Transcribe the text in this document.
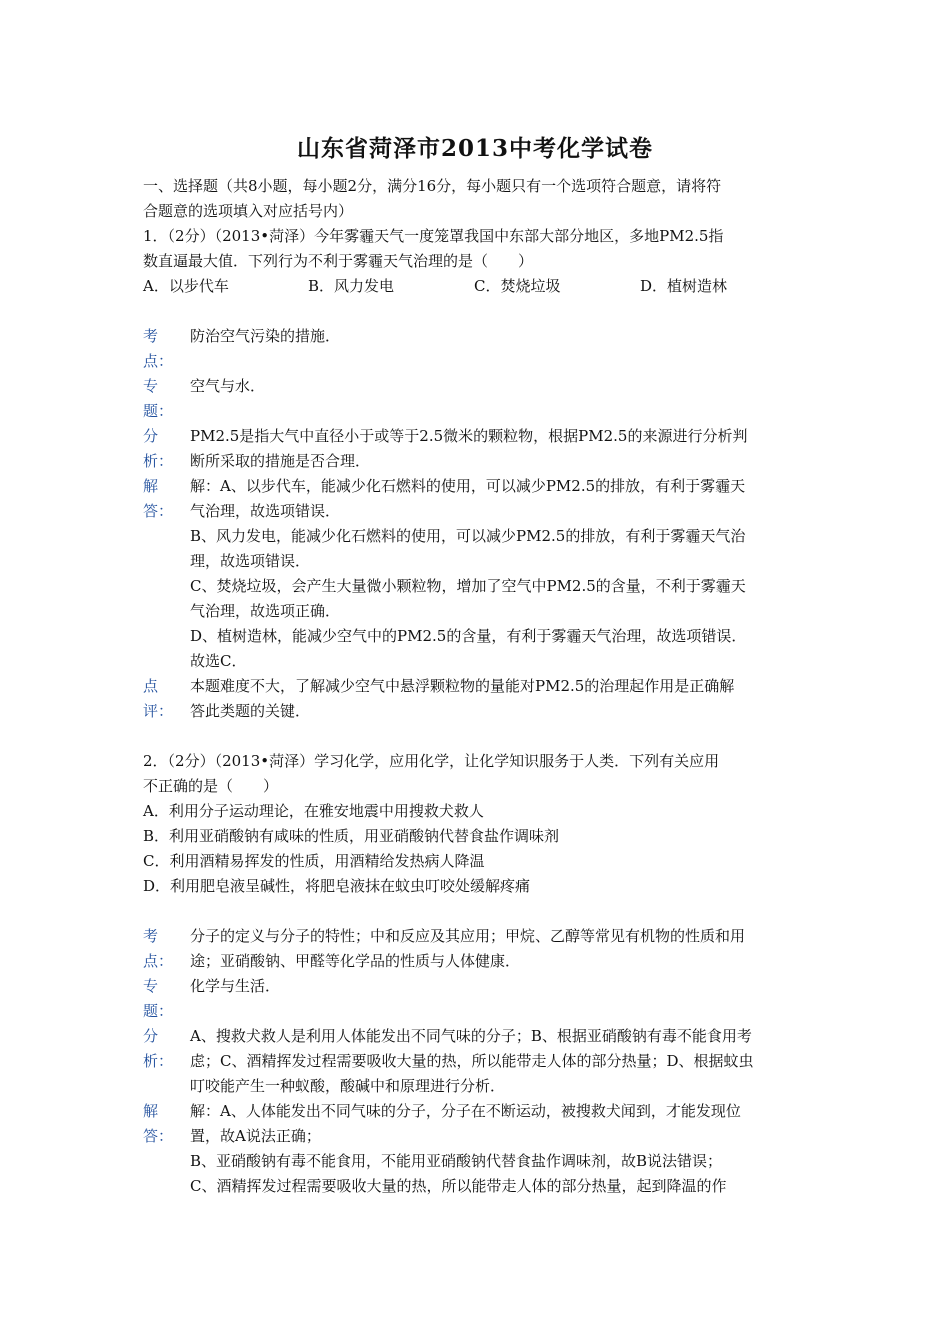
山东省菏泽市2013中考化学试卷
一、选择题（共8小题，每小题2分，满分16分，每小题只有一个选项符合题意，请将符
合题意的选项填入对应括号内）
1．（2分）（2013•菏泽）今年雾霾天气一度笼罩我国中东部大部分地区，多地PM2.5指
数直逼最大值．下列行为不利于雾霾天气治理的是（　　）
A．以步代车	B．风力发电	C．焚烧垃圾	D．植树造林
考
点：
防治空气污染的措施．
专
题：
空气与水．
分
析：
PM2.5是指大气中直径小于或等于2.5微米的颗粒物，根据PM2.5的来源进行分析判
断所采取的措施是否合理．
解
答：
解：A、以步代车，能减少化石燃料的使用，可以减少PM2.5的排放，有利于雾霾天
气治理，故选项错误．
B、风力发电，能减少化石燃料的使用，可以减少PM2.5的排放，有利于雾霾天气治
理，故选项错误．
C、焚烧垃圾，会产生大量微小颗粒物，增加了空气中PM2.5的含量，不利于雾霾天
气治理，故选项正确．
D、植树造林，能减少空气中的PM2.5的含量，有利于雾霾天气治理，故选项错误．
故选C．
点
评：
本题难度不大，了解减少空气中悬浮颗粒物的量能对PM2.5的治理起作用是正确解
答此类题的关键．
2．（2分）（2013•菏泽）学习化学，应用化学，让化学知识服务于人类．下列有关应用
不正确的是（　　）
A．利用分子运动理论，在雅安地震中用搜救犬救人
B．利用亚硝酸钠有咸味的性质，用亚硝酸钠代替食盐作调味剂
C．利用酒精易挥发的性质，用酒精给发热病人降温
D．利用肥皂液呈碱性，将肥皂液抹在蚊虫叮咬处缓解疼痛
考
点：
分子的定义与分子的特性；中和反应及其应用；甲烷、乙醇等常见有机物的性质和用
途；亚硝酸钠、甲醛等化学品的性质与人体健康．
专
题：
化学与生活．
分
析：
A、搜救犬救人是利用人体能发出不同气味的分子；B、根据亚硝酸钠有毒不能食用考
虑；C、酒精挥发过程需要吸收大量的热，所以能带走人体的部分热量；D、根据蚊虫
叮咬能产生一种蚁酸，酸碱中和原理进行分析．
解
答：
解：A、人体能发出不同气味的分子，分子在不断运动，被搜救犬闻到，才能发现位
置，故A说法正确；
B、亚硝酸钠有毒不能食用，不能用亚硝酸钠代替食盐作调味剂，故B说法错误；
C、酒精挥发过程需要吸收大量的热，所以能带走人体的部分热量，起到降温的作
